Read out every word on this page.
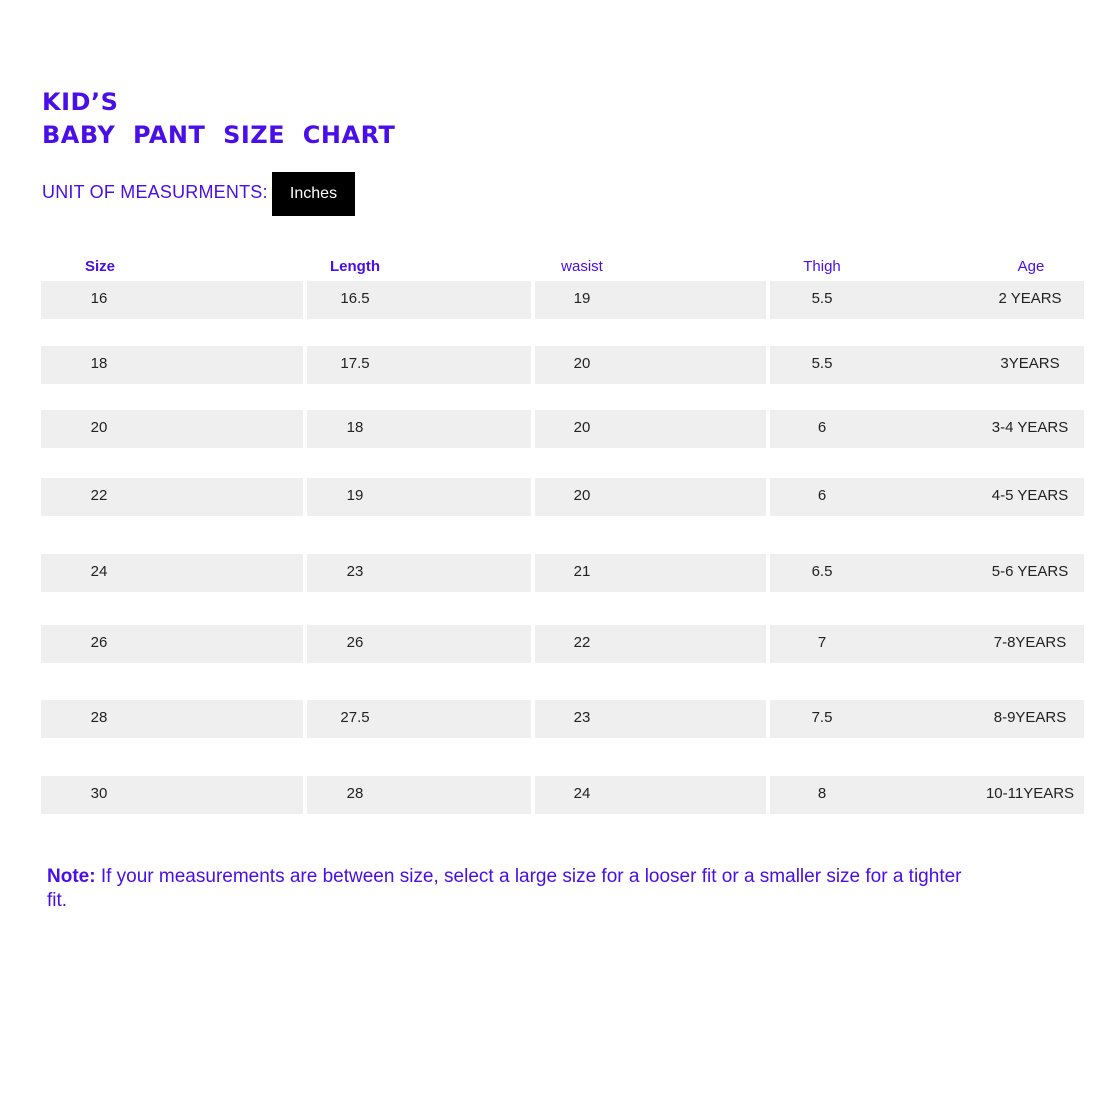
KID’S
BABY  PANT  SIZE  CHART
UNIT OF MEASURMENTS:	Inches
Size	Length	wasist	Thigh	Age
16	16.5	19	5.5	2 YEARS
18	17.5	20	5.5	3YEARS
20	18	20	6	3-4 YEARS
22	19	20	6	4-5 YEARS
24	23	21	6.5	5-6 YEARS
26	26	22	7	7-8YEARS
28	27.5	23	7.5	8-9YEARS
30	28	24	8	10-11YEARS

Note: If your measurements are between size, select a large size for a looser fit or a smaller size for a tighter fit.
